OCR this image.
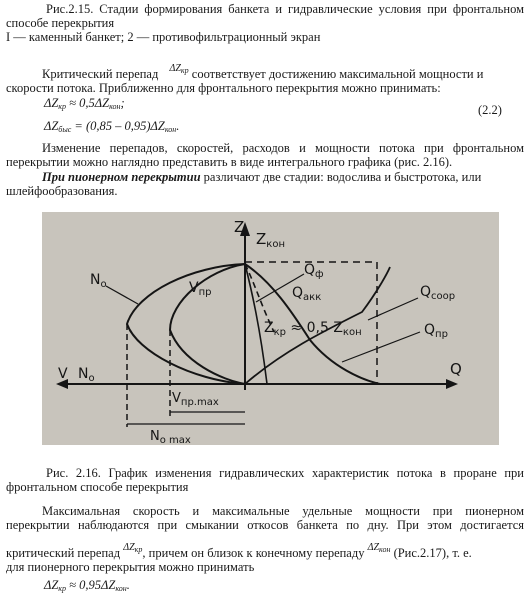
Рис.2.15. Стадии формирования банкета и гидравлические условия при фронтальном
способе перекрытия
I — каменный банкет; 2 — противофильтрационный экран
Критический перепад $^{\Delta Z_{кр}}$ соответствует достижению максимальной мощности и
скорости потока. Приближенно для фронтального перекрытия можно принимать:
$\Delta Z_{кр} \approx 0,5\Delta Z_{кон}$;	(2.2)
$\Delta Z_{быс} = (0,85 - 0,95)\Delta Z_{кон}$.
Изменение перепадов, скоростей, расходов и мощности потока при фронтальном
перекрытии можно наглядно представить в виде интегрального графика (рис. 2.16).
При пионерном перекрытии различают две стадии: водослива и быстротока, или
шлейфообразования.
Z
$Z_{кон}$
$Q_ф$
$Q_{акк}$	$Q_{соор}$
$Q_{пр}$
$Z_{кр} \approx 0,5$ $Z_{кон}$
$N_о$	$V_{пр}$
V $N_о$
Q
$V_{пр.max}$
$N_{о max}$
Рис. 2.16. График изменения гидравлических характеристик потока в проране при
фронтальном способе перекрытия
Максимальная скорость и максимальные удельные мощности при пионерном
перекрытии наблюдаются при смыкании откосов банкета по дну. При этом достигается
критический перепад $^{\Delta Z_{кр}}$, причем он близок к конечному перепаду $^{\Delta Z_{кон}}$ (Рис.2.17), т. е.
для пионерного перекрытия можно принимать
$\Delta Z_{кр} \approx 0,95\Delta Z_{кон}$.
